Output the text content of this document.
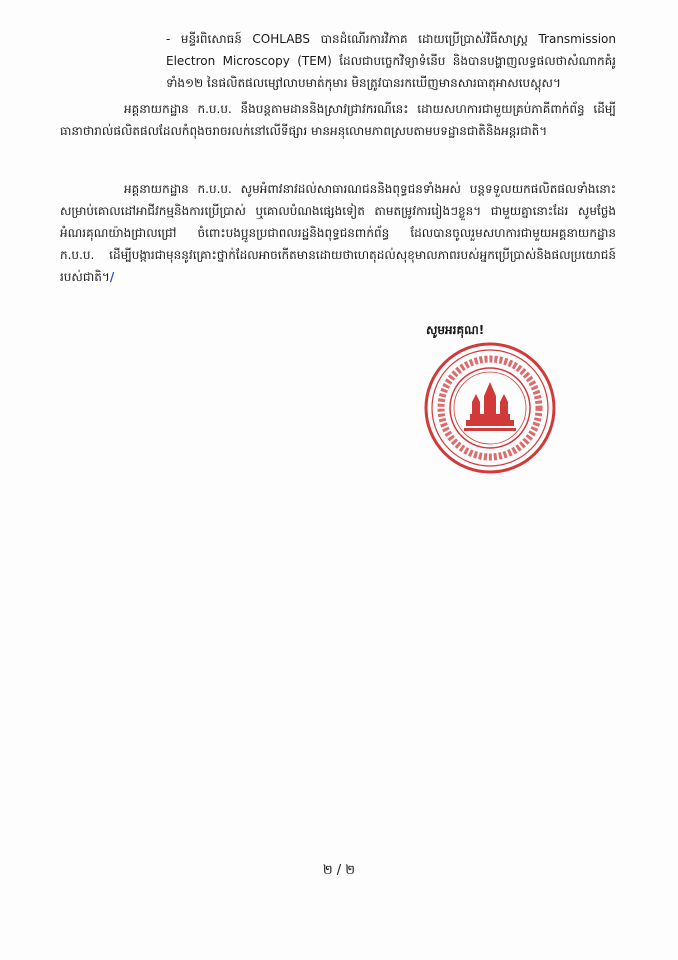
- មន្ទីរពិសោធន៍ COHLABS បានដំណើរការវិភាគ ដោយប្រើប្រាស់វិធីសាស្ត្រ Transmission Electron Microscopy (TEM) ដែលជាបច្ចេកវិទ្យាទំនើប និងបានបង្ហាញលទ្ធផលថាសំណាកគំរូទាំង១២ នៃផលិតផលម្សៅលាបមាត់កុមារ មិនត្រូវបានរកឃើញមានសារធាតុអាសបេស្តុស។
អគ្គនាយកដ្ឋាន ក.ប.ប. នឹងបន្តតាមដាននិងស្រាវជ្រាវករណីនេះ ដោយសហការជាមួយគ្រប់ភាគីពាក់ព័ន្ធ ដើម្បីធានាថារាល់ផលិតផលដែលកំពុងចរាចរលក់នៅលើទីផ្សារ មានអនុលោមភាពស្របតាមបទដ្ឋានជាតិនិងអន្តរជាតិ។
អគ្គនាយកដ្ឋាន ក.ប.ប. សូមអំពាវនាវដល់សាធារណជននិងពុទ្ធជនទាំងអស់ បន្តទទួលយកផលិតផលទាំងនោះសម្រាប់គោលដៅអាជីវកម្មនិងការប្រើប្រាស់ ឬគោលបំណងផ្សេងទៀត តាមតម្រូវការរៀងៗខ្លួន។ ជាមួយគ្នានោះដែរ សូមថ្លែងអំណរគុណយ៉ាងជ្រាលជ្រៅ ចំពោះបងប្អូនប្រជាពលរដ្ឋនិងពុទ្ធជនពាក់ព័ន្ធ ដែលបានចូលរួមសហការជាមួយអគ្គនាយកដ្ឋាន ក.ប.ប. ដើម្បីបង្ការជាមុននូវគ្រោះថ្នាក់ដែលអាចកើតមានដោយថាហេតុដល់សុខុមាលភាពរបស់អ្នកប្រើប្រាស់និងផលប្រយោជន៍របស់ជាតិ។/
សូមអរគុណ!
២ / ២
